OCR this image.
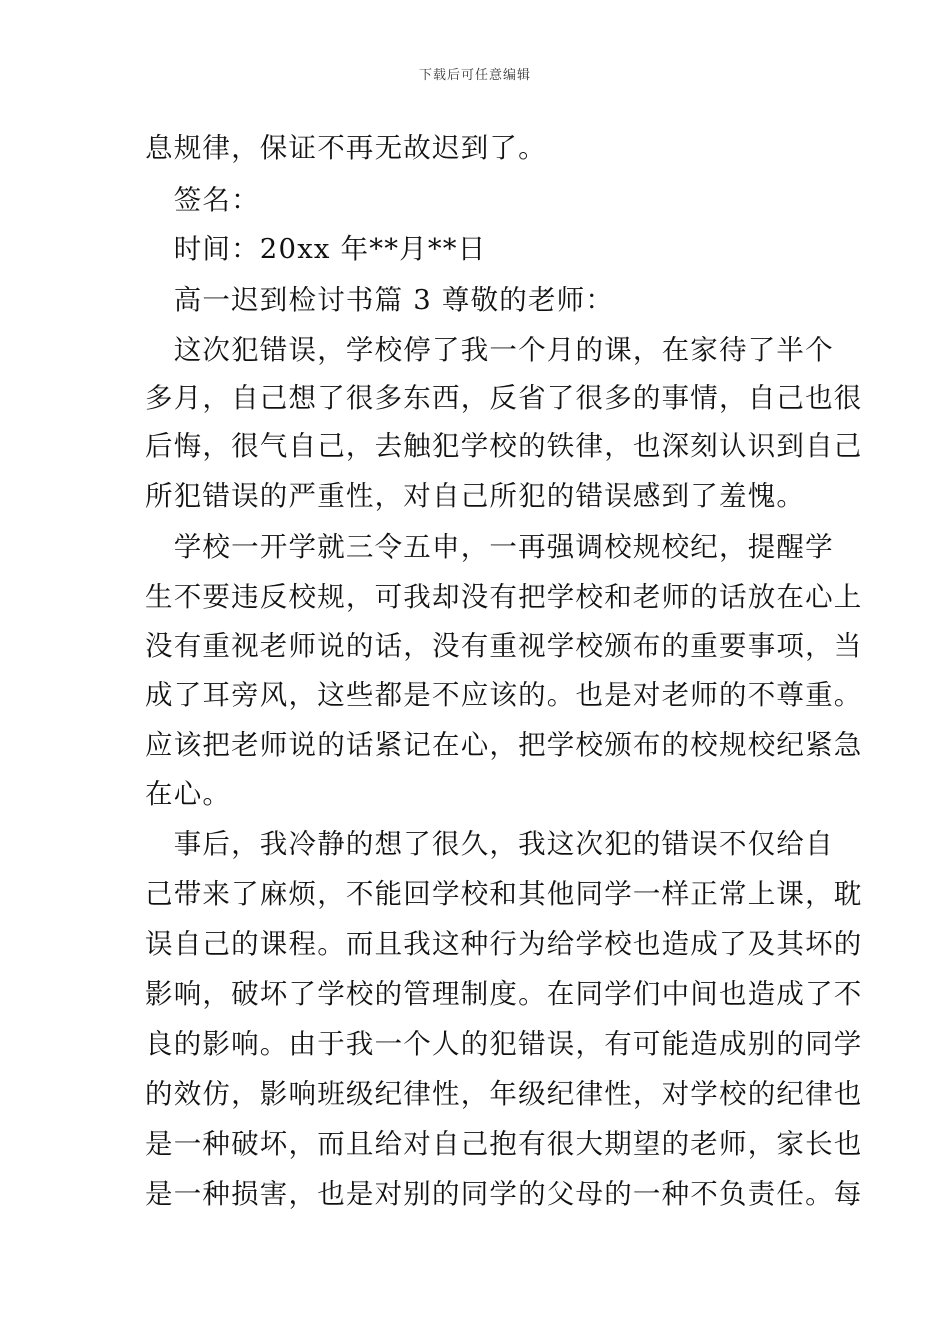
下载后可任意编辑
息规律，保证不再无故迟到了。
　签名：
　时间：20xx 年**月**日
　高一迟到检讨书篇 3 尊敬的老师：
　这次犯错误，学校停了我一个月的课，在家待了半个
多月，自己想了很多东西，反省了很多的事情，自己也很
后悔，很气自己，去触犯学校的铁律，也深刻认识到自己
所犯错误的严重性，对自己所犯的错误感到了羞愧。
　学校一开学就三令五申，一再强调校规校纪，提醒学
生不要违反校规，可我却没有把学校和老师的话放在心上
没有重视老师说的话，没有重视学校颁布的重要事项，当
成了耳旁风，这些都是不应该的。也是对老师的不尊重。
应该把老师说的话紧记在心，把学校颁布的校规校纪紧急
在心。
　事后，我冷静的想了很久，我这次犯的错误不仅给自
己带来了麻烦，不能回学校和其他同学一样正常上课，耽
误自己的课程。而且我这种行为给学校也造成了及其坏的
影响，破坏了学校的管理制度。在同学们中间也造成了不
良的影响。由于我一个人的犯错误，有可能造成别的同学
的效仿，影响班级纪律性，年级纪律性，对学校的纪律也
是一种破坏，而且给对自己抱有很大期望的老师，家长也
是一种损害，也是对别的同学的父母的一种不负责任。每
